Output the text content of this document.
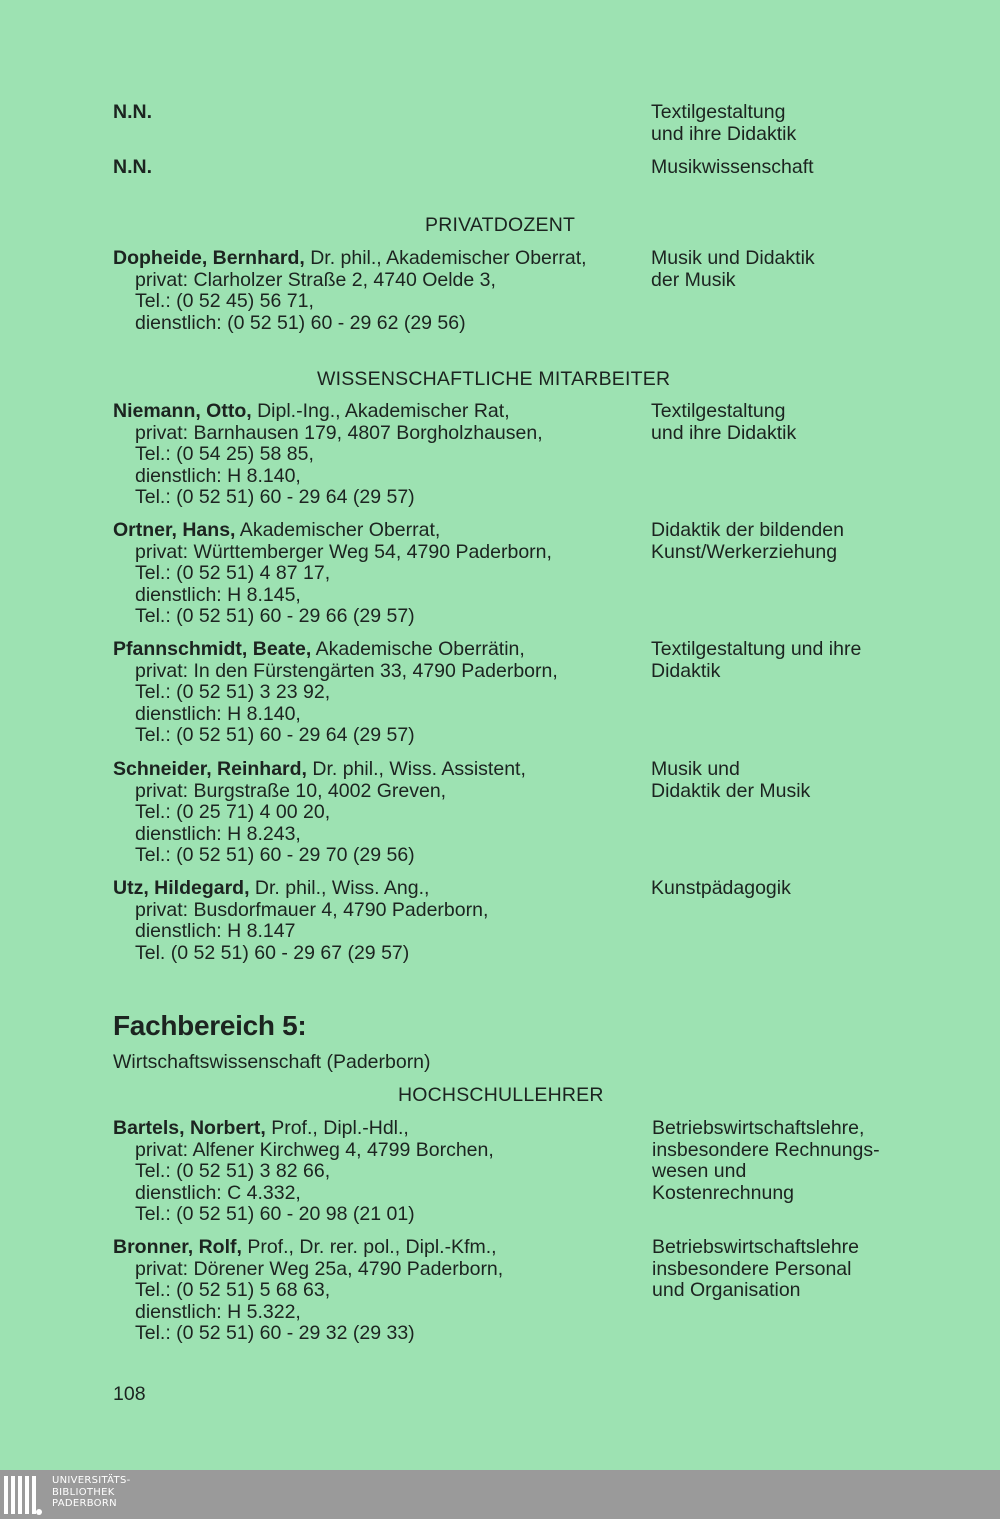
N.N.	Textilgestaltung
und ihre Didaktik
N.N.	Musikwissenschaft
PRIVATDOZENT
Dopheide, Bernhard, Dr. phil., Akademischer Oberrat,
privat: Clarholzer Straße 2, 4740 Oelde 3,
Tel.: (0 52 45) 56 71,
dienstlich: (0 52 51) 60 - 29 62 (29 56)
Musik und Didaktik
der Musik
WISSENSCHAFTLICHE MITARBEITER
Niemann, Otto, Dipl.-Ing., Akademischer Rat,
privat: Barnhausen 179, 4807 Borgholzhausen,
Tel.: (0 54 25) 58 85,
dienstlich: H 8.140,
Tel.: (0 52 51) 60 - 29 64 (29 57)
Textilgestaltung
und ihre Didaktik
Ortner, Hans, Akademischer Oberrat,
privat: Württemberger Weg 54, 4790 Paderborn,
Tel.: (0 52 51) 4 87 17,
dienstlich: H 8.145,
Tel.: (0 52 51) 60 - 29 66 (29 57)
Didaktik der bildenden
Kunst/Werkerziehung
Pfannschmidt, Beate, Akademische Oberrätin,
privat: In den Fürstengärten 33, 4790 Paderborn,
Tel.: (0 52 51) 3 23 92,
dienstlich: H 8.140,
Tel.: (0 52 51) 60 - 29 64 (29 57)
Textilgestaltung und ihre
Didaktik
Schneider, Reinhard, Dr. phil., Wiss. Assistent,
privat: Burgstraße 10, 4002 Greven,
Tel.: (0 25 71) 4 00 20,
dienstlich: H 8.243,
Tel.: (0 52 51) 60 - 29 70 (29 56)
Musik und
Didaktik der Musik
Utz, Hildegard, Dr. phil., Wiss. Ang.,
privat: Busdorfmauer 4, 4790 Paderborn,
dienstlich: H 8.147
Tel. (0 52 51) 60 - 29 67 (29 57)
Kunstpädagogik
Fachbereich 5:
Wirtschaftswissenschaft (Paderborn)
HOCHSCHULLEHRER
Bartels, Norbert, Prof., Dipl.-Hdl.,
privat: Alfener Kirchweg 4, 4799 Borchen,
Tel.: (0 52 51) 3 82 66,
dienstlich: C 4.332,
Tel.: (0 52 51) 60 - 20 98 (21 01)
Betriebswirtschaftslehre,
insbesondere Rechnungs-
wesen und
Kostenrechnung
Bronner, Rolf, Prof., Dr. rer. pol., Dipl.-Kfm.,
privat: Dörener Weg 25a, 4790 Paderborn,
Tel.: (0 52 51) 5 68 63,
dienstlich: H 5.322,
Tel.: (0 52 51) 60 - 29 32 (29 33)
Betriebswirtschaftslehre
insbesondere Personal
und Organisation
108
UNIVERSITÄTS-
BIBLIOTHEK
PADERBORN
